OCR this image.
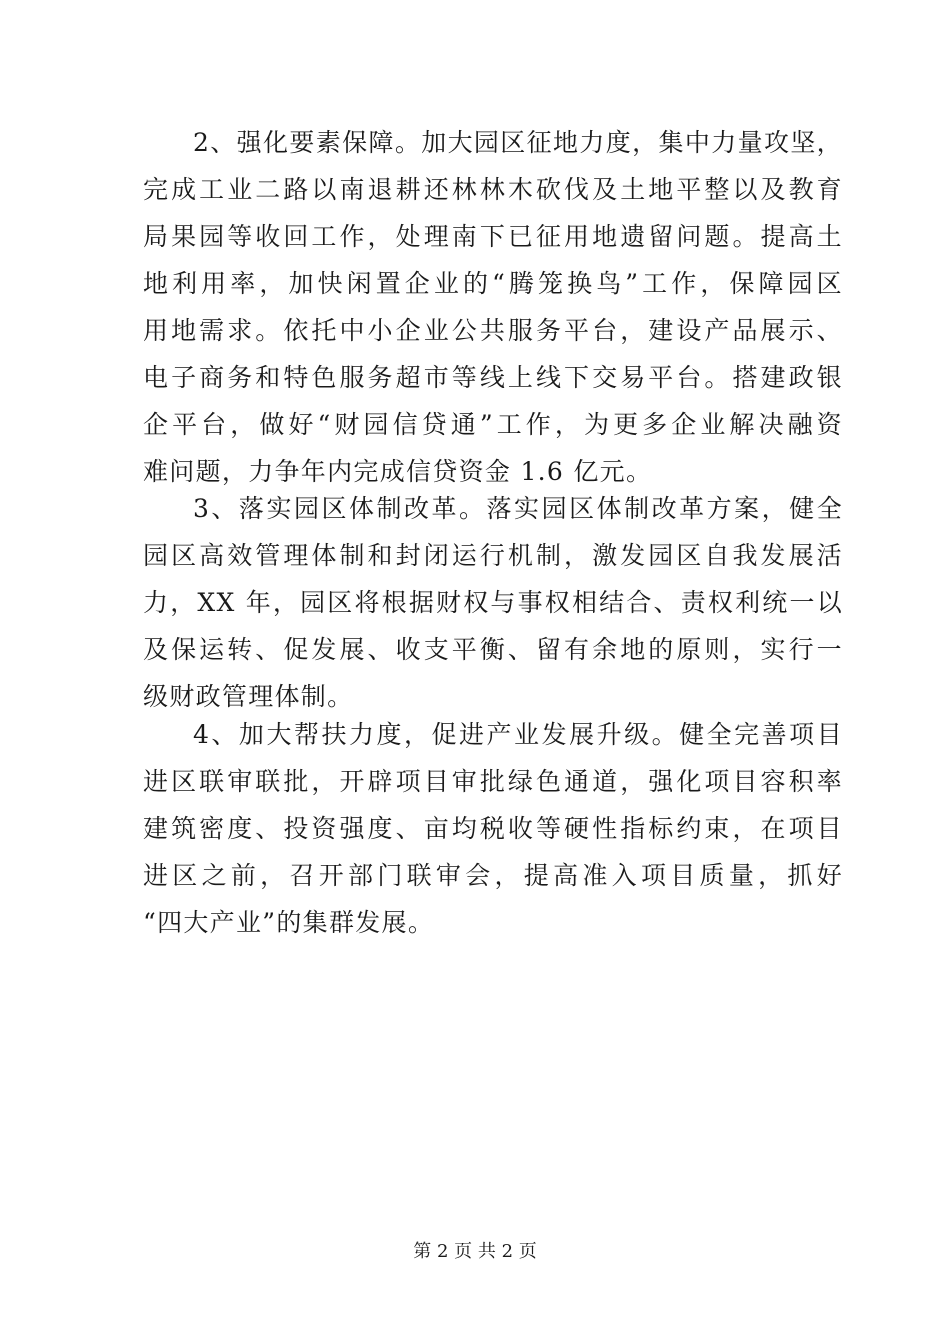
2、强化要素保障。加大园区征地力度，集中力量攻坚，
完成工业二路以南退耕还林林木砍伐及土地平整以及教育
局果园等收回工作，处理南下已征用地遗留问题。提高土
地利用率，加快闲置企业的“腾笼换鸟”工作，保障园区
用地需求。依托中小企业公共服务平台，建设产品展示、
电子商务和特色服务超市等线上线下交易平台。搭建政银
企平台，做好“财园信贷通”工作，为更多企业解决融资
难问题，力争年内完成信贷资金 1.6 亿元。
3、落实园区体制改革。落实园区体制改革方案，健全
园区高效管理体制和封闭运行机制，激发园区自我发展活
力，XX 年，园区将根据财权与事权相结合、责权利统一以
及保运转、促发展、收支平衡、留有余地的原则，实行一
级财政管理体制。
4、加大帮扶力度，促进产业发展升级。健全完善项目
进区联审联批，开辟项目审批绿色通道，强化项目容积率
建筑密度、投资强度、亩均税收等硬性指标约束，在项目
进区之前，召开部门联审会，提高准入项目质量，抓好
“四大产业”的集群发展。
第 2 页 共 2 页
